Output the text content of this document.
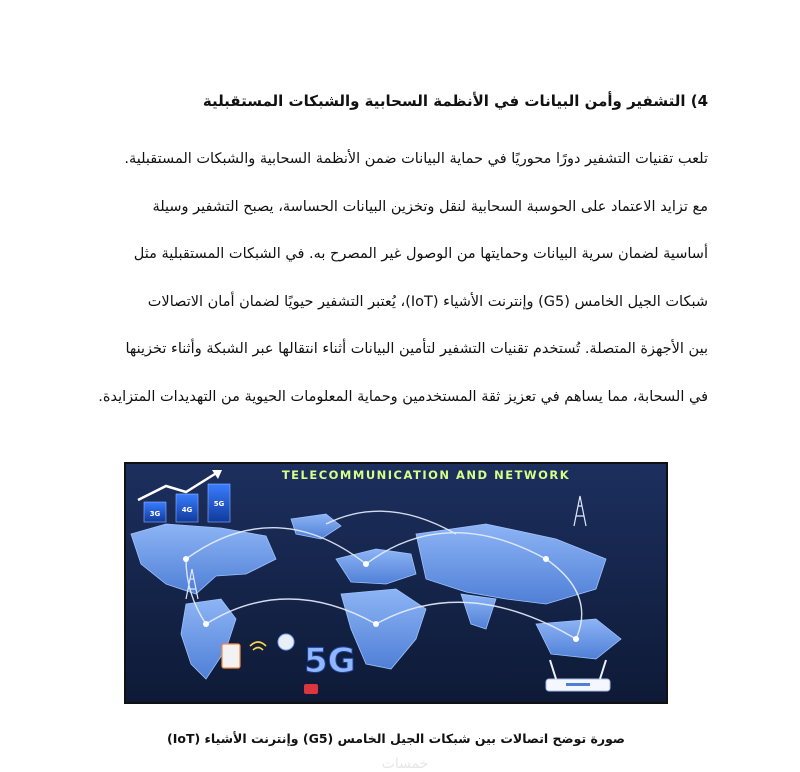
4) التشفير وأمن البيانات في الأنظمة السحابية والشبكات المستقبلية
تلعب تقنيات التشفير دورًا محوريًا في حماية البيانات ضمن الأنظمة السحابية والشبكات المستقبلية.
مع تزايد الاعتماد على الحوسبة السحابية لنقل وتخزين البيانات الحساسة، يصبح التشفير وسيلة
أساسية لضمان سرية البيانات وحمايتها من الوصول غير المصرح به. في الشبكات المستقبلية مثل
شبكات الجيل الخامس (G5) وإنترنت الأشياء (IoT)، يُعتبر التشفير حيويًا لضمان أمان الاتصالات
بين الأجهزة المتصلة. تُستخدم تقنيات التشفير لتأمين البيانات أثناء انتقالها عبر الشبكة وأثناء تخزينها
في السحابة، مما يساهم في تعزيز ثقة المستخدمين وحماية المعلومات الحيوية من التهديدات المتزايدة.
3G	4G
5G
TELECOMMUNICATION AND NETWORK
5G
صورة توضح اتصالات بين شبكات الجيل الخامس (G5) وإنترنت الأشياء (IoT)
خمسات
